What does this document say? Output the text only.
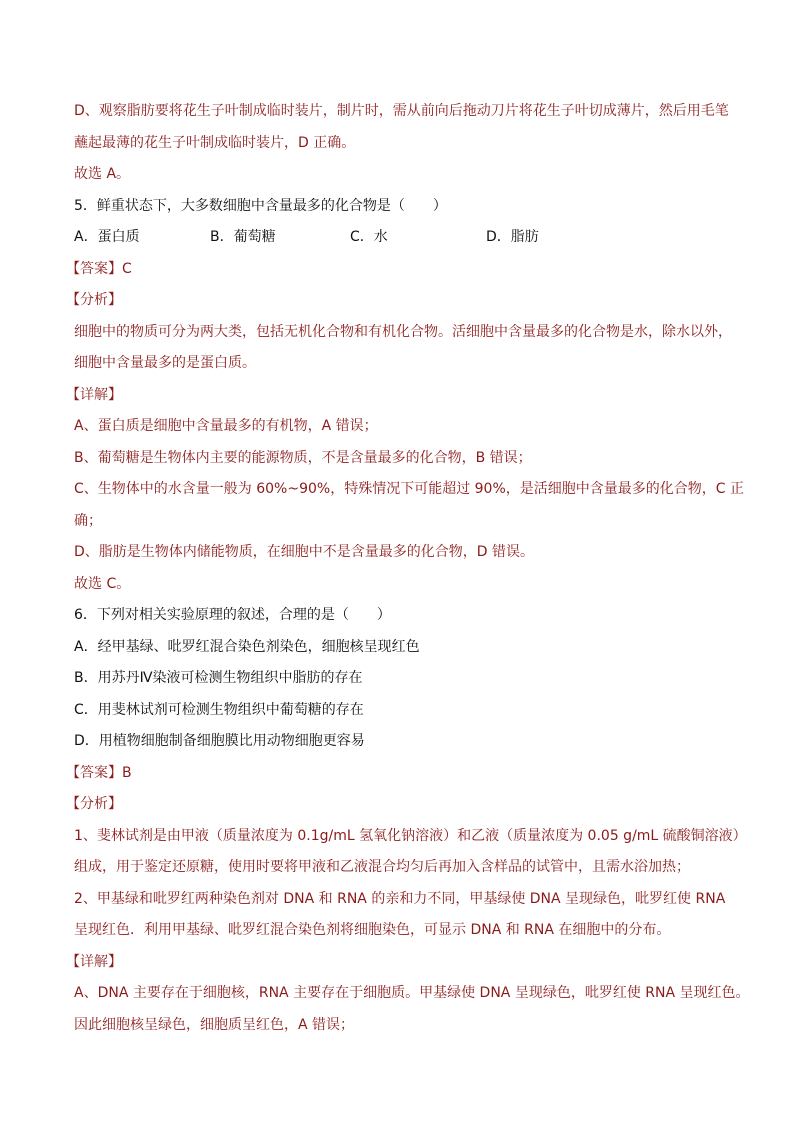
D、观察脂肪要将花生子叶制成临时装片，制片时，需从前向后拖动刀片将花生子叶切成薄片，然后用毛笔
蘸起最薄的花生子叶制成临时装片，D 正确。
故选 A。
5．鲜重状态下，大多数细胞中含量最多的化合物是（　　）
A．蛋白质	B．葡萄糖	C．水	D．脂肪
【答案】C
【分析】
细胞中的物质可分为两大类，包括无机化合物和有机化合物。活细胞中含量最多的化合物是水，除水以外，
细胞中含量最多的是蛋白质。
【详解】
A、蛋白质是细胞中含量最多的有机物，A 错误；
B、葡萄糖是生物体内主要的能源物质，不是含量最多的化合物，B 错误；
C、生物体中的水含量一般为 60%~90%，特殊情况下可能超过 90%，是活细胞中含量最多的化合物，C 正
确；
D、脂肪是生物体内储能物质，在细胞中不是含量最多的化合物，D 错误。
故选 C。
6．下列对相关实验原理的叙述，合理的是（　　）
A．经甲基绿、吡罗红混合染色剂染色，细胞核呈现红色
B．用苏丹Ⅳ染液可检测生物组织中脂肪的存在
C．用斐林试剂可检测生物组织中葡萄糖的存在
D．用植物细胞制备细胞膜比用动物细胞更容易
【答案】B
【分析】
1、斐林试剂是由甲液（质量浓度为 0.1g/mL 氢氧化钠溶液）和乙液（质量浓度为 0.05 g/mL 硫酸铜溶液）
组成，用于鉴定还原糖，使用时要将甲液和乙液混合均匀后再加入含样品的试管中，且需水浴加热；
2、甲基绿和吡罗红两种染色剂对 DNA 和 RNA 的亲和力不同，甲基绿使 DNA 呈现绿色，吡罗红使 RNA
呈现红色．利用甲基绿、吡罗红混合染色剂将细胞染色，可显示 DNA 和 RNA 在细胞中的分布。
【详解】
A、DNA 主要存在于细胞核，RNA 主要存在于细胞质。甲基绿使 DNA 呈现绿色，吡罗红使 RNA 呈现红色。
因此细胞核呈绿色，细胞质呈红色，A 错误；
